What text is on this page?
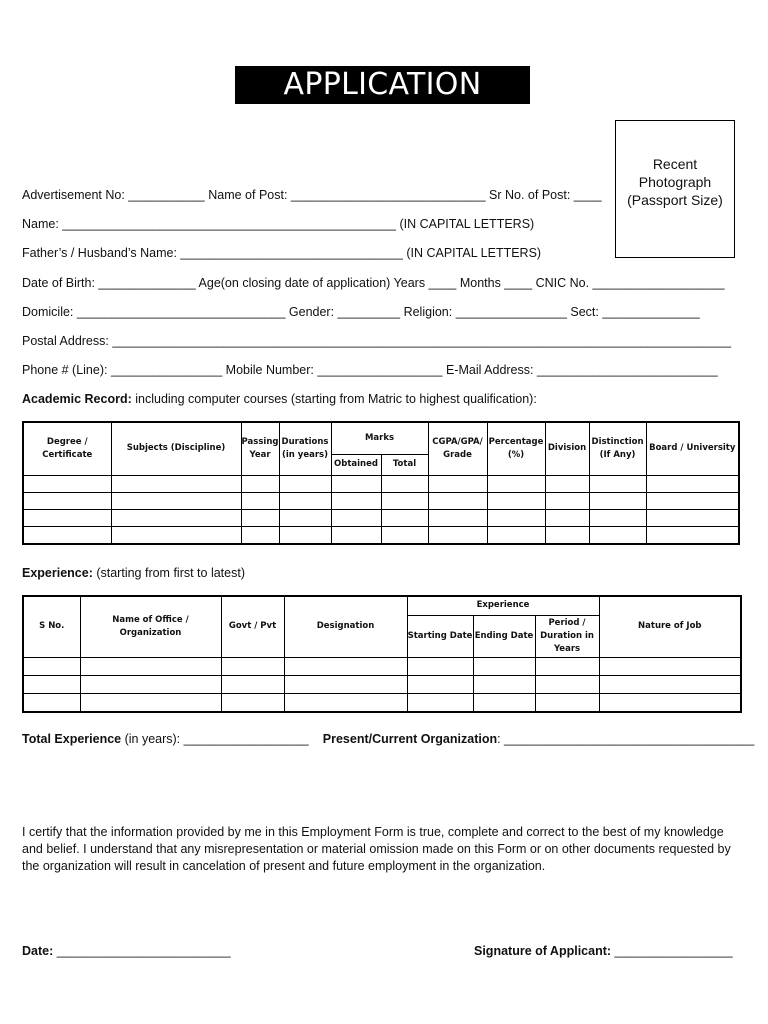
APPLICATION FORM
Recent
Photograph
(Passport Size)
Advertisement No: ___________ Name of Post: ____________________________ Sr No. of Post: ____
Name: ________________________________________________ (IN CAPITAL LETTERS)
Father’s / Husband’s Name: ________________________________ (IN CAPITAL LETTERS)
Date of Birth: ______________ Age(on closing date of application) Years ____ Months ____ CNIC No. ___________________
Domicile: ______________________________ Gender: _________ Religion: ________________ Sect: ______________
Postal Address: _________________________________________________________________________________________
Phone # (Line): ________________ Mobile Number: __________________ E-Mail Address: __________________________
Academic Record: including computer courses (starting from Matric to highest qualification):
Degree / Certificate	Subjects (Discipline)	Passing Year	Durations (in years)	Marks		CGPA/GPA/ Grade	Percentage (%)	Division	Distinction (If Any)	Board / University
				Obtained	Total					

Experience: (starting from first to latest)
S No.	Name of Office / Organization	Govt / Pvt	Designation	Experience			Nature of Job
				Starting Date	Ending Date	Period / Duration in Years	

Total Experience (in years): __________________ Present/Current Organization: ____________________________________
I certify that the information provided by me in this Employment Form is true, complete and correct to the best of my knowledge and belief. I understand that any misrepresentation or material omission made on this Form or on other documents requested by the organization will result in cancelation of present and future employment in the organization.
Date: _________________________	Signature of Applicant: _________________
